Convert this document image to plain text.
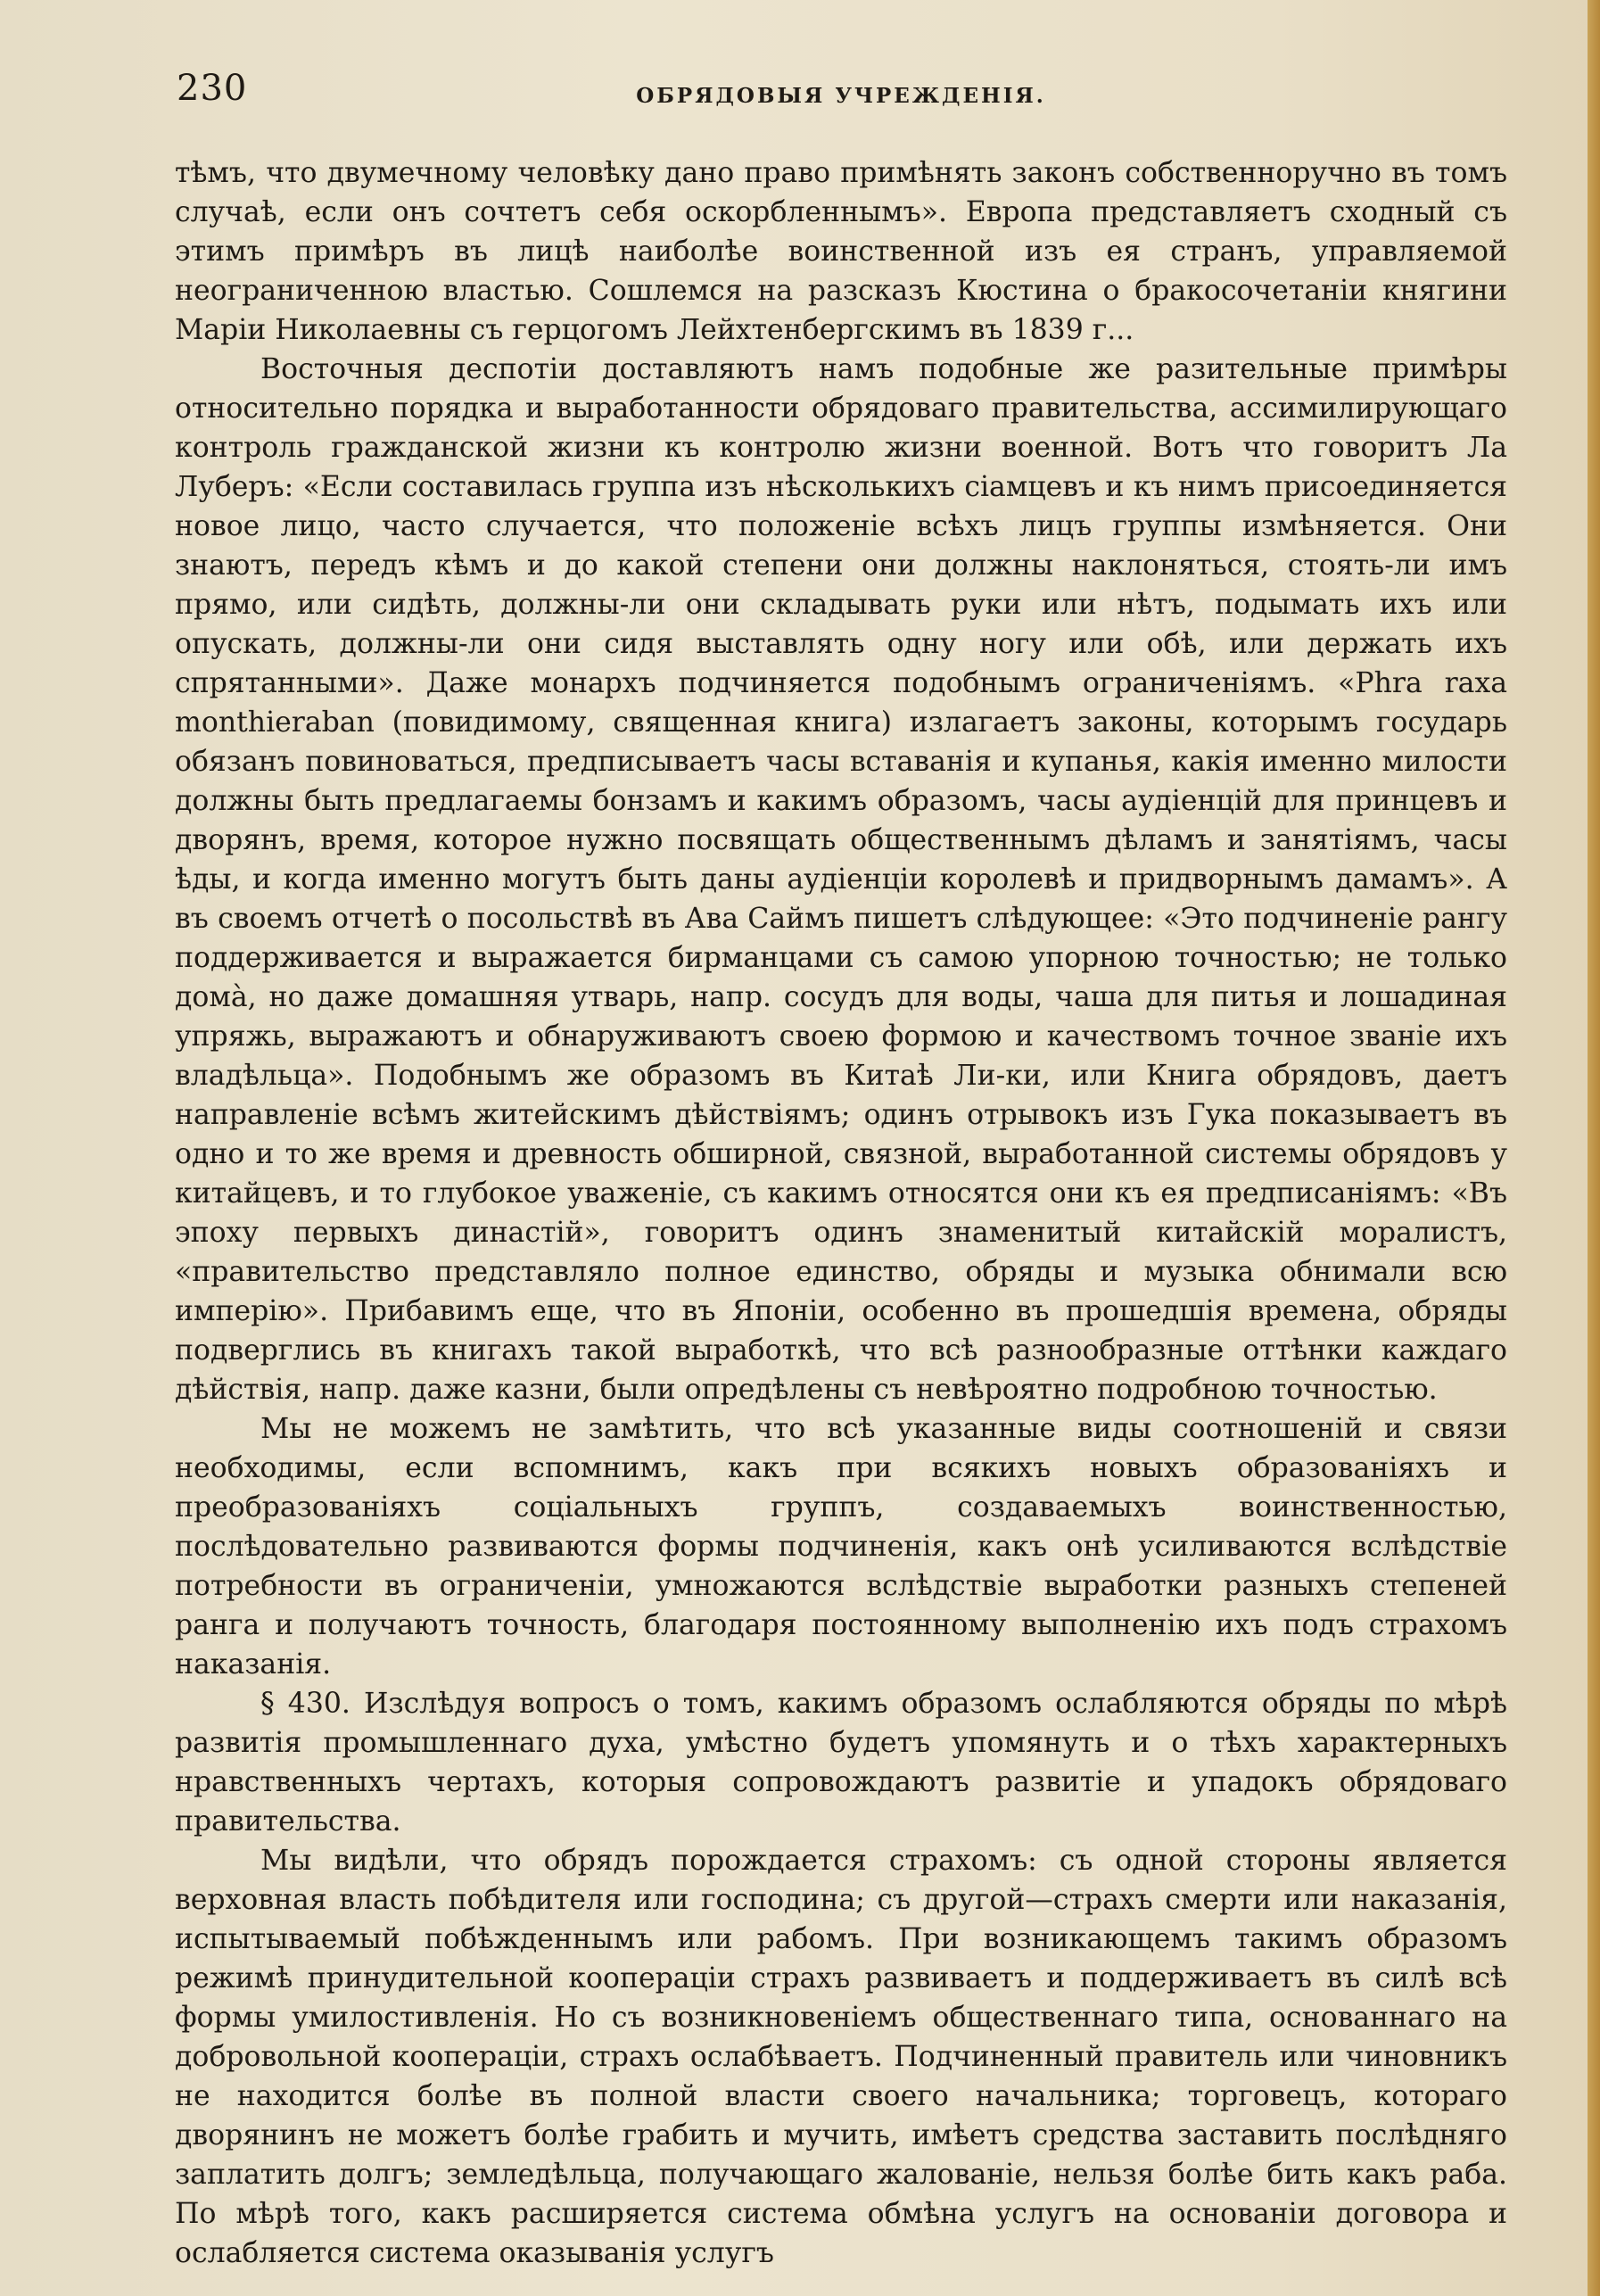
230	ОБРЯДОВЫЯ УЧРЕЖДЕНІЯ.

тѣмъ, что двумечному человѣку дано право примѣнять законъ собственноручно въ томъ случаѣ, если онъ сочтетъ себя оскорбленнымъ». Европа представляетъ сходный съ этимъ примѣръ въ лицѣ наиболѣе воинственной изъ ея странъ, управляемой неограниченною властью. Сошлемся на разсказъ Кюстина о бракосочетаніи княгини Маріи Николаевны съ герцогомъ Лейхтенбергскимъ въ 1839 г...

Восточныя деспотіи доставляютъ намъ подобные же разительные примѣры относительно порядка и выработанности обрядоваго правительства, ассимилирующаго контроль гражданской жизни къ контролю жизни военной. Вотъ что говоритъ Ла Луберъ: «Если составилась группа изъ нѣсколькихъ сіамцевъ и къ нимъ присоединяется новое лицо, часто случается, что положеніе всѣхъ лицъ группы измѣняется. Они знаютъ, передъ кѣмъ и до какой степени они должны наклоняться, стоять-ли имъ прямо, или сидѣть, должны-ли они складывать руки или нѣтъ, подымать ихъ или опускать, должны-ли они сидя выставлять одну ногу или обѣ, или держать ихъ спрятанными». Даже монархъ подчиняется подобнымъ ограниченіямъ. «Phra raxa monthierabаn (повидимому, священная книга) излагаетъ законы, которымъ государь обязанъ повиноваться, предписываетъ часы вставанія и купанья, какія именно милости должны быть предлагаемы бонзамъ и какимъ образомъ, часы аудіенцій для принцевъ и дворянъ, время, которое нужно посвящать общественнымъ дѣламъ и занятіямъ, часы ѣды, и когда именно могутъ быть даны аудіенціи королевѣ и придворнымъ дамамъ». А въ своемъ отчетѣ о посольствѣ въ Ава Саймъ пишетъ слѣдующее: «Это подчиненіе рангу поддерживается и выражается бирманцами съ самою упорною точностью; не только домà, но даже домашняя утварь, напр. сосудъ для воды, чаша для питья и лошадиная упряжь, выражаютъ и обнаруживаютъ своею формою и качествомъ точное званіе ихъ владѣльца». Подобнымъ же образомъ въ Китаѣ Ли-ки, или Книга обрядовъ, даетъ направленіе всѣмъ житейскимъ дѣйствіямъ; одинъ отрывокъ изъ Гука показываетъ въ одно и то же время и древность обширной, связной, выработанной системы обрядовъ у китайцевъ, и то глубокое уваженіе, съ какимъ относятся они къ ея предписаніямъ: «Въ эпоху первыхъ династій», говоритъ одинъ знаменитый китайскій моралистъ, «правительство представляло полное единство, обряды и музыка обнимали всю имперію». Прибавимъ еще, что въ Японіи, особенно въ прошедшія времена, обряды подверглись въ книгахъ такой выработкѣ, что всѣ разнообразные оттѣнки каждаго дѣйствія, напр. даже казни, были опредѣлены съ невѣроятно подробною точностью.

Мы не можемъ не замѣтить, что всѣ указанные виды соотношеній и связи необходимы, если вспомнимъ, какъ при всякихъ новыхъ образованіяхъ и преобразованіяхъ соціальныхъ группъ, создаваемыхъ воинственностью, послѣдовательно развиваются формы подчиненія, какъ онѣ усиливаются вслѣдствіе потребности въ ограниченіи, умножаются вслѣдствіе выработки разныхъ степеней ранга и получаютъ точность, благодаря постоянному выполненію ихъ подъ страхомъ наказанія.

§ 430. Изслѣдуя вопросъ о томъ, какимъ образомъ ослабляются обряды по мѣрѣ развитія промышленнаго духа, умѣстно будетъ упомянуть и о тѣхъ характерныхъ нравственныхъ чертахъ, которыя сопровождаютъ развитіе и упадокъ обрядоваго правительства.

Мы видѣли, что обрядъ порождается страхомъ: съ одной стороны является верховная власть побѣдителя или господина; съ другой—страхъ смерти или наказанія, испытываемый побѣжденнымъ или рабомъ. При возникающемъ такимъ образомъ режимѣ принудительной коопераціи страхъ развиваетъ и поддерживаетъ въ силѣ всѣ формы умилостивленія. Но съ возникновеніемъ общественнаго типа, основаннаго на добровольной коопераціи, страхъ ослабѣваетъ. Подчиненный правитель или чиновникъ не находится болѣе въ полной власти своего начальника; торговецъ, котораго дворянинъ не можетъ болѣе грабить и мучить, имѣетъ средства заставить послѣдняго заплатить долгъ; земледѣльца, получающаго жалованіе, нельзя болѣе бить какъ раба. По мѣрѣ того, какъ расширяется система обмѣна услугъ на основаніи договора и ослабляется система оказыванія услугъ
